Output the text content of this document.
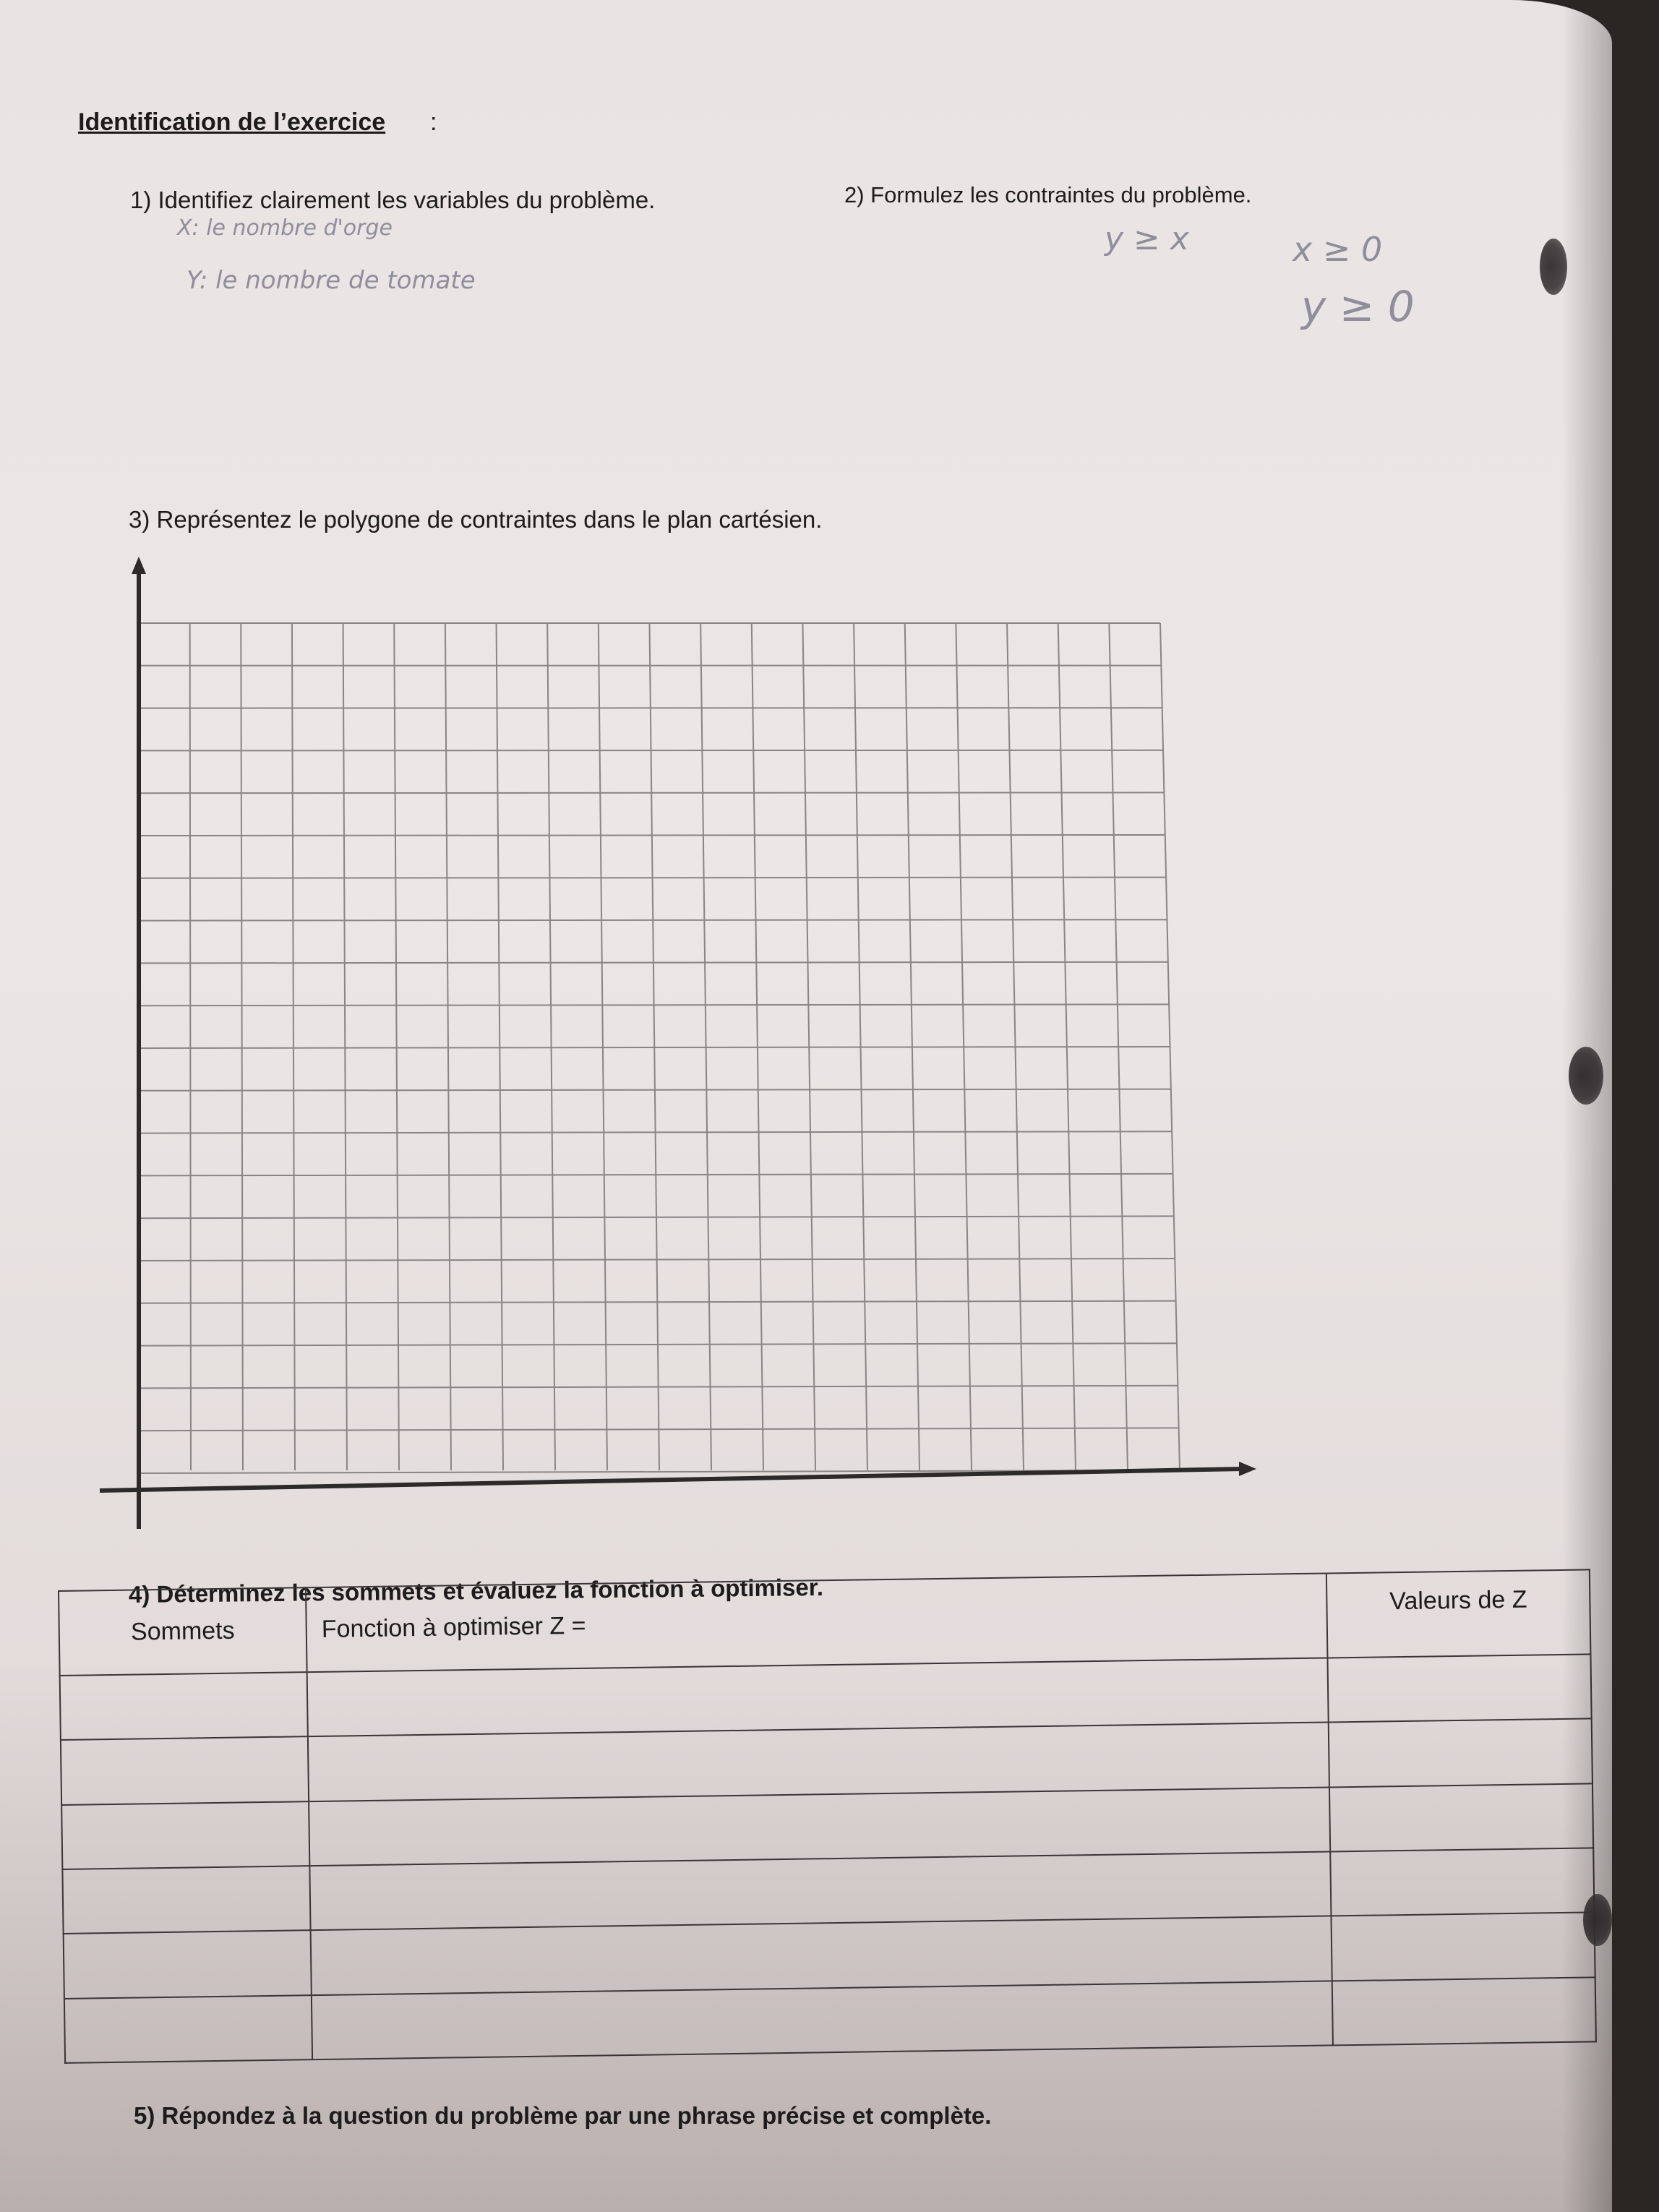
Identification de l’exercice :
1) Identifiez clairement les variables du problème.	2) Formulez les contraintes du problème.
X: le nombre d'orge
Y: le nombre de tomate
y ≥ x	x ≥ 0
y ≥ 0
3) Représentez le polygone de contraintes dans le plan cartésien.
4) Déterminez les sommets et évaluez la fonction à optimiser.
Sommets	Fonction à optimiser Z =	Valeurs de Z

5) Répondez à la question du problème par une phrase précise et complète.
